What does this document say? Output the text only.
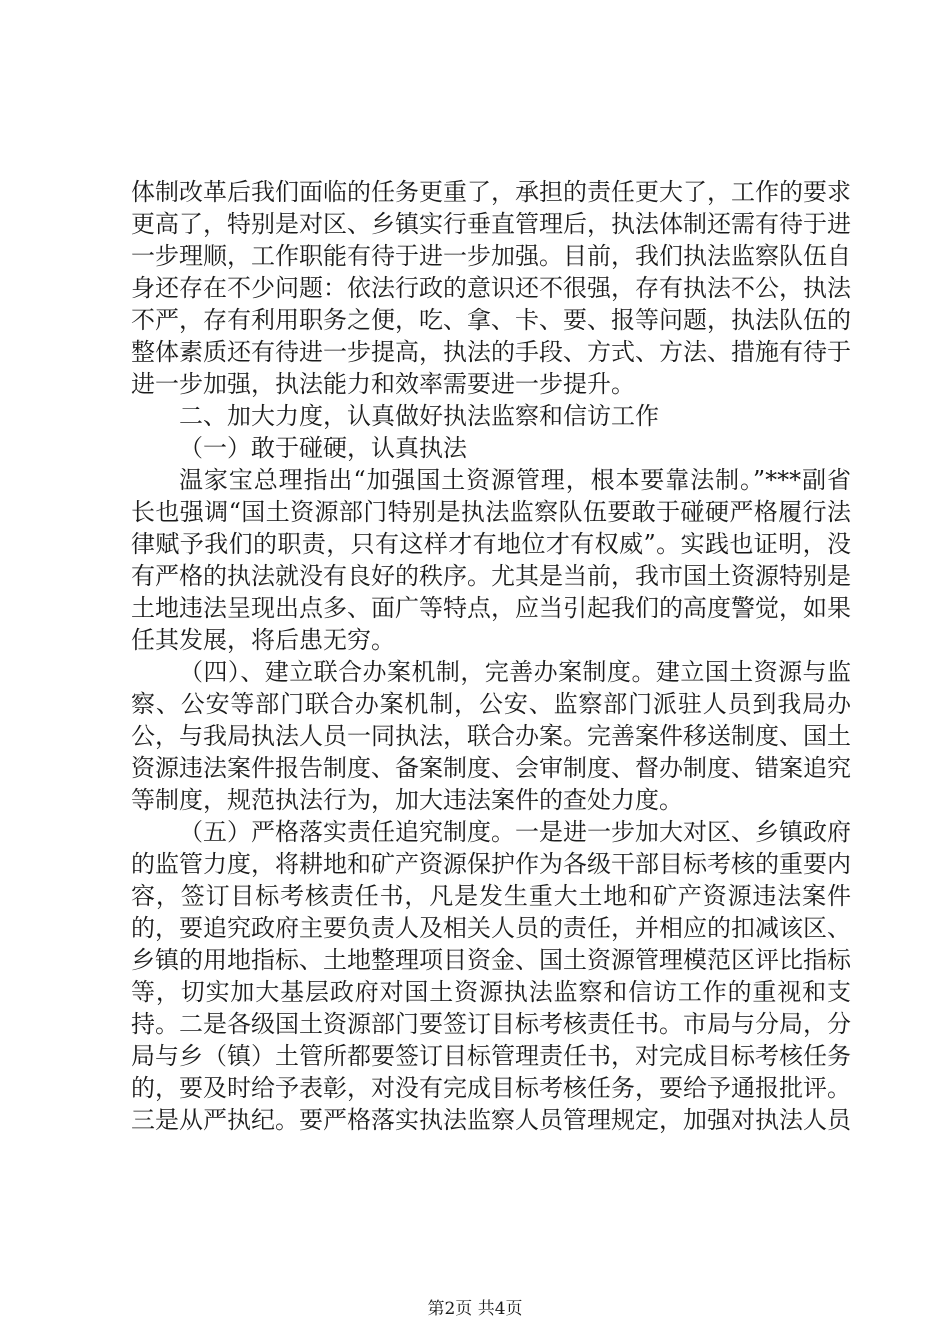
体制改革后我们面临的任务更重了，承担的责任更大了，工作的要求更高了，特别是对区、乡镇实行垂直管理后，执法体制还需有待于进一步理顺，工作职能有待于进一步加强。目前，我们执法监察队伍自身还存在不少问题：依法行政的意识还不很强，存有执法不公，执法不严，存有利用职务之便，吃、拿、卡、要、报等问题，执法队伍的整体素质还有待进一步提高，执法的手段、方式、方法、措施有待于进一步加强，执法能力和效率需要进一步提升。

二、加大力度，认真做好执法监察和信访工作

（一）敢于碰硬，认真执法

温家宝总理指出“加强国土资源管理，根本要靠法制。”***副省长也强调“国土资源部门特别是执法监察队伍要敢于碰硬严格履行法律赋予我们的职责，只有这样才有地位才有权威”。实践也证明，没有严格的执法就没有良好的秩序。尤其是当前，我市国土资源特别是土地违法呈现出点多、面广等特点，应当引起我们的高度警觉，如果任其发展，将后患无穷。

（四）、建立联合办案机制，完善办案制度。建立国土资源与监察、公安等部门联合办案机制，公安、监察部门派驻人员到我局办公，与我局执法人员一同执法，联合办案。完善案件移送制度、国土资源违法案件报告制度、备案制度、会审制度、督办制度、错案追究等制度，规范执法行为，加大违法案件的查处力度。

（五）严格落实责任追究制度。一是进一步加大对区、乡镇政府的监管力度，将耕地和矿产资源保护作为各级干部目标考核的重要内容，签订目标考核责任书，凡是发生重大土地和矿产资源违法案件的，要追究政府主要负责人及相关人员的责任，并相应的扣减该区、乡镇的用地指标、土地整理项目资金、国土资源管理模范区评比指标等，切实加大基层政府对国土资源执法监察和信访工作的重视和支持。二是各级国土资源部门要签订目标考核责任书。市局与分局，分局与乡（镇）土管所都要签订目标管理责任书，对完成目标考核任务的，要及时给予表彰，对没有完成目标考核任务，要给予通报批评。三是从严执纪。要严格落实执法监察人员管理规定，加强对执法人员

第2页 共4页
